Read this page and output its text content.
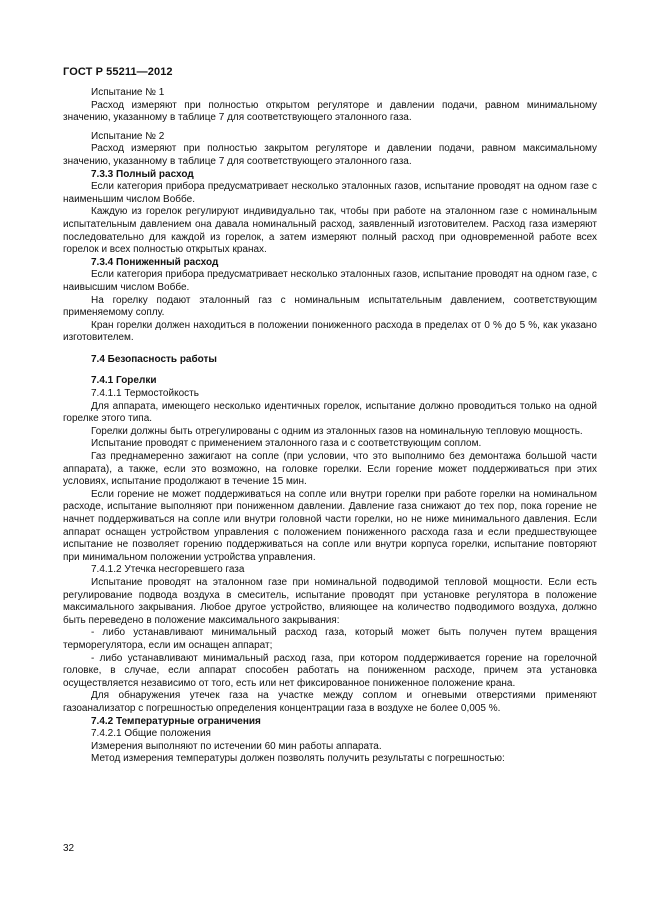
ГОСТ Р 55211—2012

Испытание № 1

Расход измеряют при полностью открытом регуляторе и давлении подачи, равном минимальному значению, указанному в таблице 7 для соответствующего эталонного газа.

Испытание № 2

Расход измеряют при полностью закрытом регуляторе и давлении подачи, равном максимальному значению, указанному в таблице 7 для соответствующего эталонного газа.

7.3.3 Полный расход

Если категория прибора предусматривает несколько эталонных газов, испытание проводят на одном газе с наименьшим числом Воббе.

Каждую из горелок регулируют индивидуально так, чтобы при работе на эталонном газе с номинальным испытательным давлением она давала номинальный расход, заявленный изготовителем. Расход газа измеряют последовательно для каждой из горелок, а затем измеряют полный расход при одновременной работе всех горелок и всех полностью открытых кранах.

7.3.4 Пониженный расход

Если категория прибора предусматривает несколько эталонных газов, испытание проводят на одном газе, с наивысшим числом Воббе.

На горелку подают эталонный газ с номинальным испытательным давлением, соответствующим применяемому соплу.

Кран горелки должен находиться в положении пониженного расхода в пределах от 0 % до 5 %, как указано изготовителем.

7.4 Безопасность работы

7.4.1 Горелки

7.4.1.1 Термостойкость

Для аппарата, имеющего несколько идентичных горелок, испытание должно проводиться только на одной горелке этого типа.

Горелки должны быть отрегулированы с одним из эталонных газов на номинальную тепловую мощность.

Испытание проводят с применением эталонного газа и с соответствующим соплом.

Газ преднамеренно зажигают на сопле (при условии, что это выполнимо без демонтажа большой части аппарата), а также, если это возможно, на головке горелки. Если горение может поддерживаться при этих условиях, испытание продолжают в течение 15 мин.

Если горение не может поддерживаться на сопле или внутри горелки при работе горелки на номинальном расходе, испытание выполняют при пониженном давлении. Давление газа снижают до тех пор, пока горение не начнет поддерживаться на сопле или внутри головной части горелки, но не ниже минимального давления. Если аппарат оснащен устройством управления с положением пониженного расхода газа и если предшествующее испытание не позволяет горению поддерживаться на сопле или внутри корпуса горелки, испытание повторяют при минимальном положении устройства управления.

7.4.1.2 Утечка несгоревшего газа

Испытание проводят на эталонном газе при номинальной подводимой тепловой мощности. Если есть регулирование подвода воздуха в смеситель, испытание проводят при установке регулятора в положение максимального закрывания. Любое другое устройство, влияющее на количество подводимого воздуха, должно быть переведено в положение максимального закрывания:

- либо устанавливают минимальный расход газа, который может быть получен путем вращения терморегулятора, если им оснащен аппарат;

- либо устанавливают минимальный расход газа, при котором поддерживается горение на горелочной головке, в случае, если аппарат способен работать на пониженном расходе, причем эта установка осуществляется независимо от того, есть или нет фиксированное пониженное положение крана.

Для обнаружения утечек газа на участке между соплом и огневыми отверстиями применяют газоанализатор с погрешностью определения концентрации газа в воздухе не более 0,005 %.

7.4.2 Температурные ограничения

7.4.2.1 Общие положения

Измерения выполняют по истечении 60 мин работы аппарата.

Метод измерения температуры должен позволять получить результаты с погрешностью:

32
